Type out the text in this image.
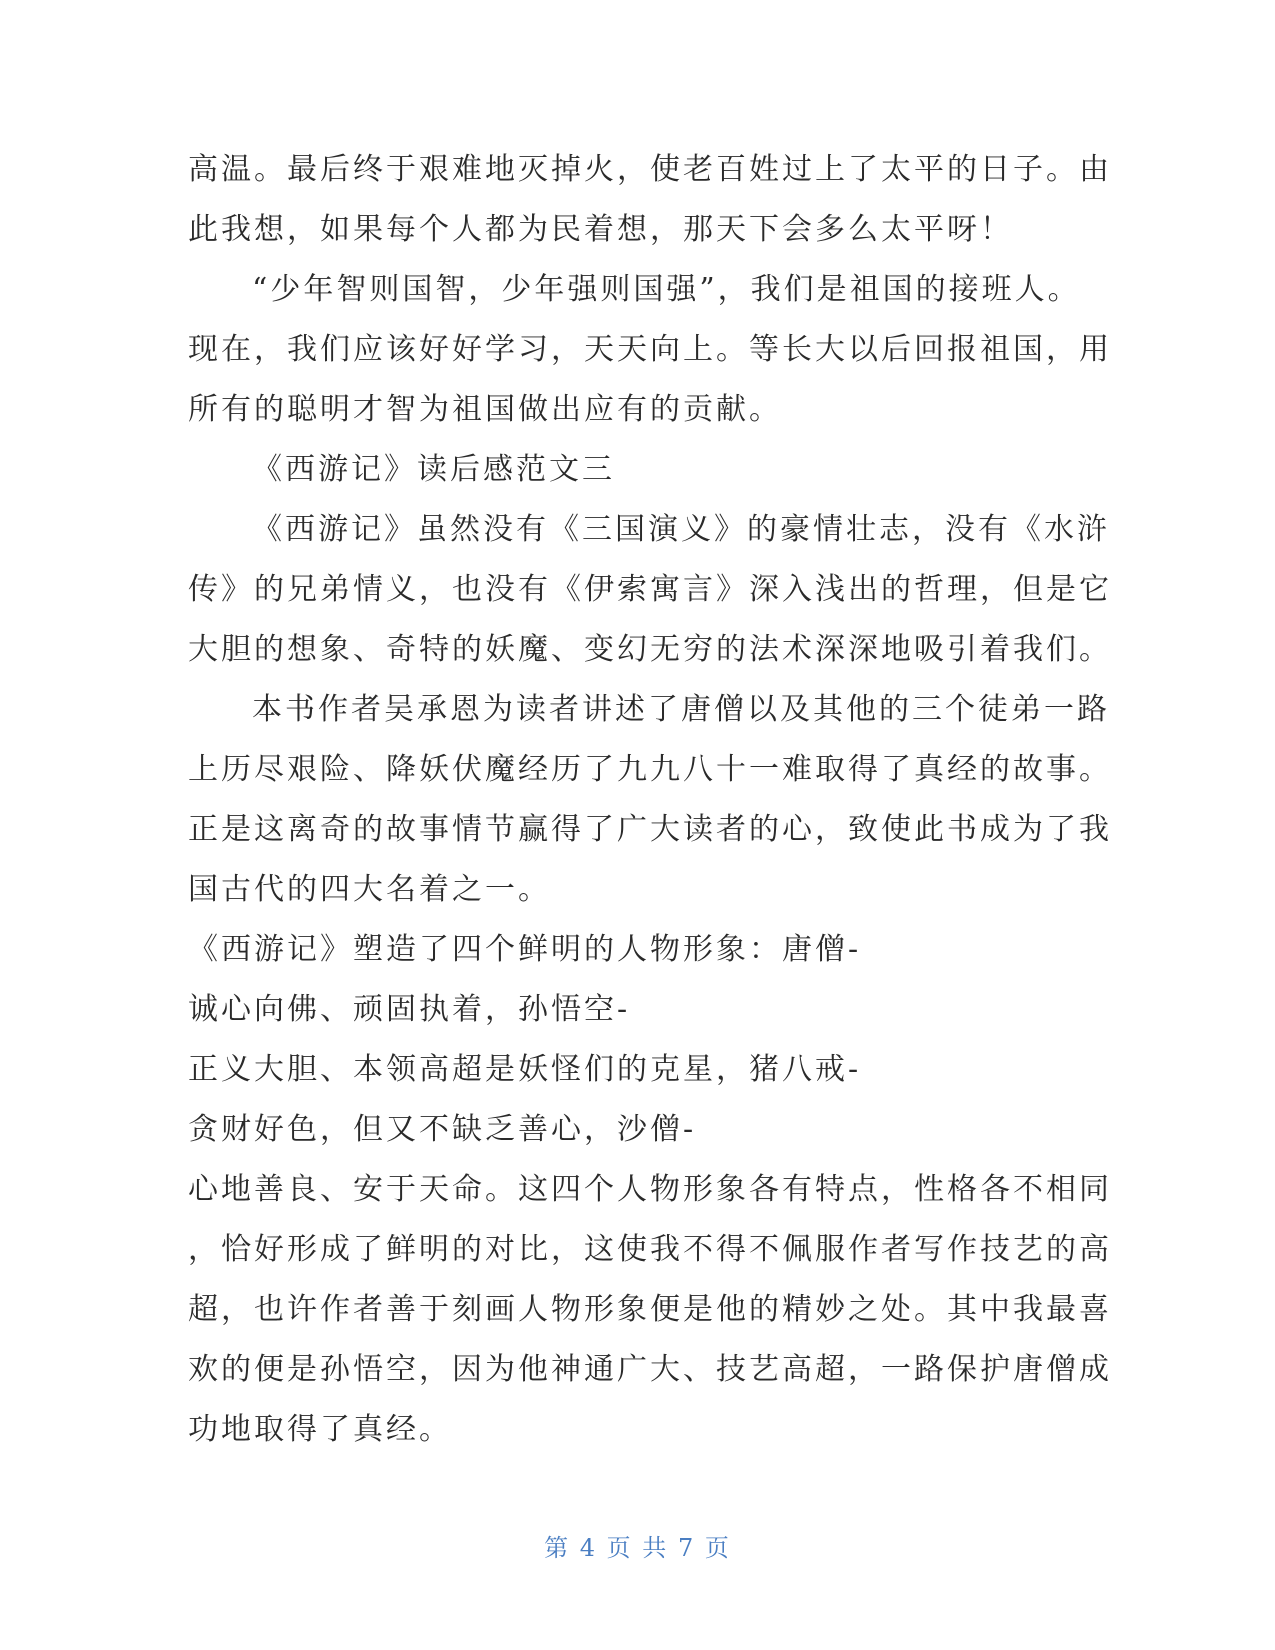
高温。最后终于艰难地灭掉火，使老百姓过上了太平的日子。由
此我想，如果每个人都为民着想，那天下会多么太平呀！
“少年智则国智，少年强则国强”，我们是祖国的接班人。
现在，我们应该好好学习，天天向上。等长大以后回报祖国，用
所有的聪明才智为祖国做出应有的贡献。
《西游记》读后感范文三
《西游记》虽然没有《三国演义》的豪情壮志，没有《水浒
传》的兄弟情义，也没有《伊索寓言》深入浅出的哲理，但是它
大胆的想象、奇特的妖魔、变幻无穷的法术深深地吸引着我们。
本书作者吴承恩为读者讲述了唐僧以及其他的三个徒弟一路
上历尽艰险、降妖伏魔经历了九九八十一难取得了真经的故事。
正是这离奇的故事情节赢得了广大读者的心，致使此书成为了我
国古代的四大名着之一。
《西游记》塑造了四个鲜明的人物形象：唐僧-
诚心向佛、顽固执着，孙悟空-
正义大胆、本领高超是妖怪们的克星，猪八戒-
贪财好色，但又不缺乏善心，沙僧-
心地善良、安于天命。这四个人物形象各有特点，性格各不相同
，恰好形成了鲜明的对比，这使我不得不佩服作者写作技艺的高
超，也许作者善于刻画人物形象便是他的精妙之处。其中我最喜
欢的便是孙悟空，因为他神通广大、技艺高超，一路保护唐僧成
功地取得了真经。
第 4 页 共 7 页
